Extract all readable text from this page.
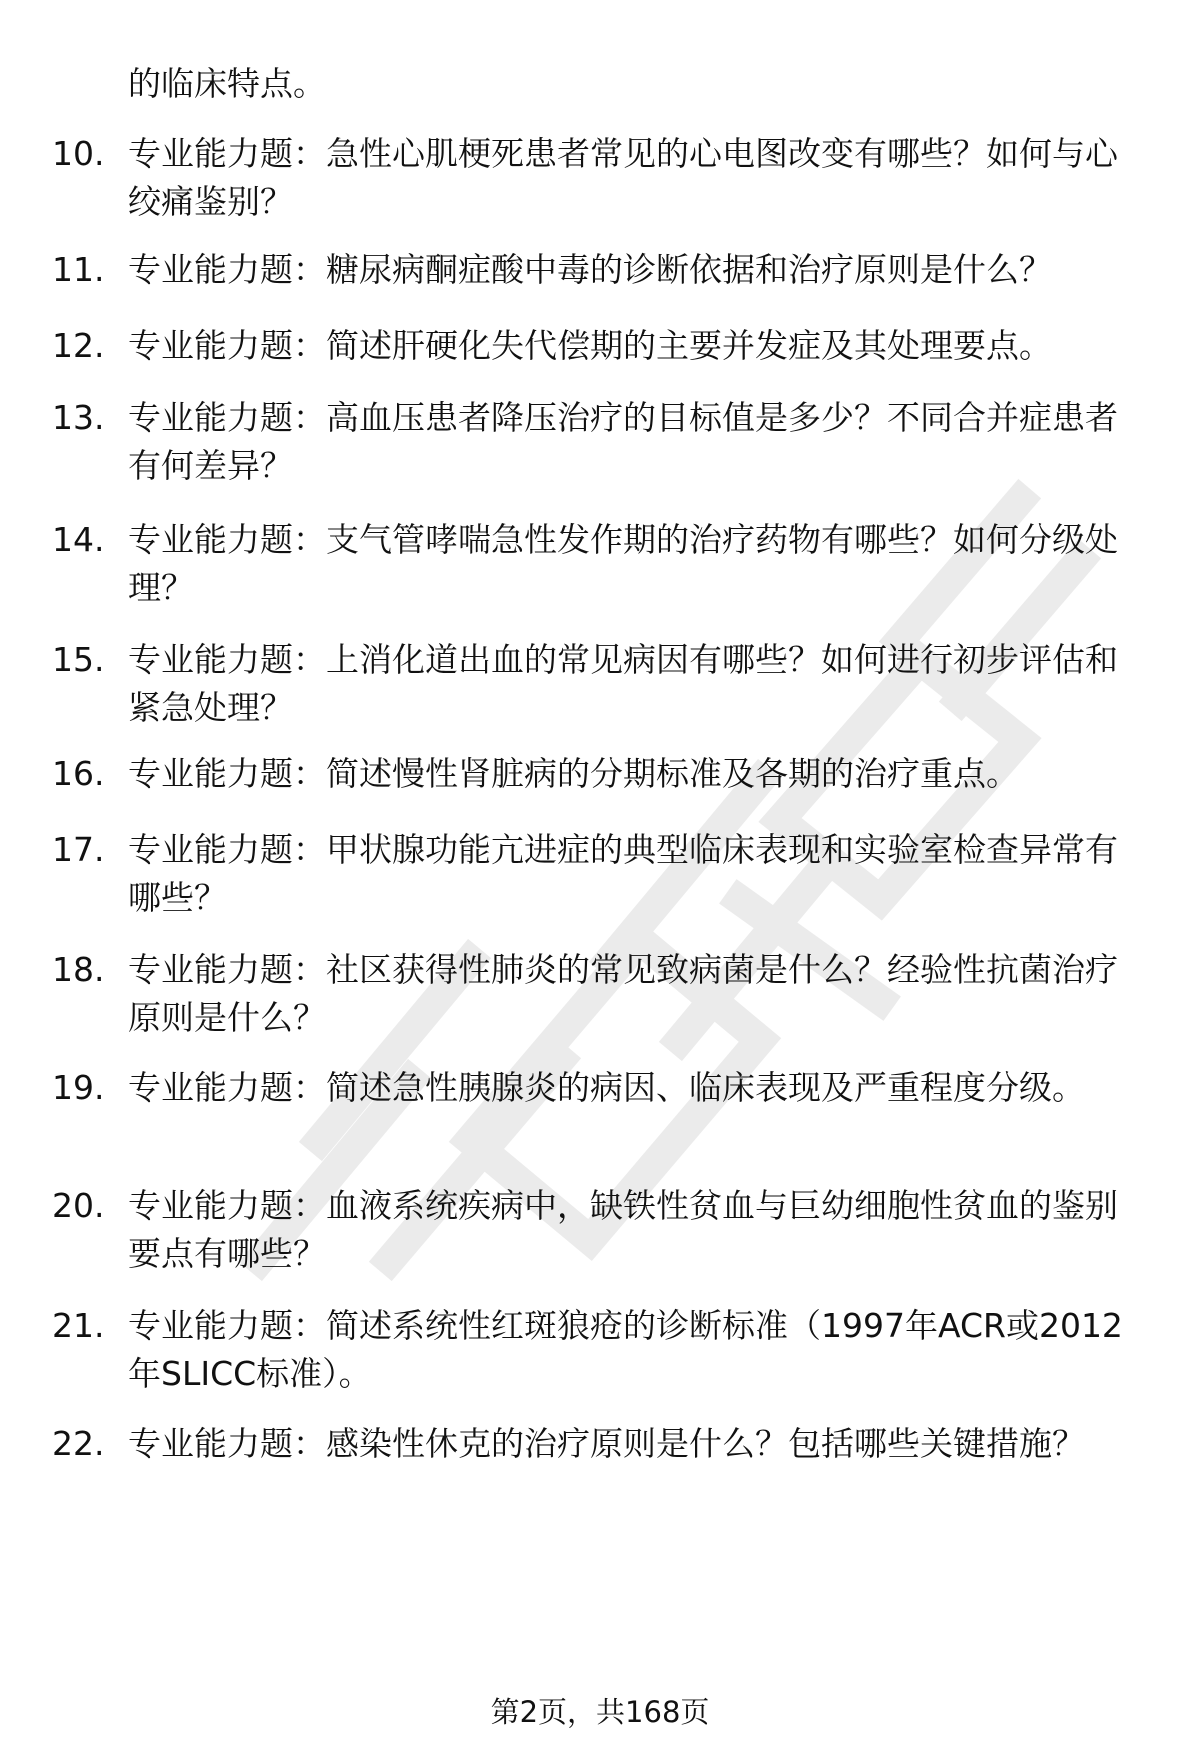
的临床特点。
10. 专业能力题：急性心肌梗死患者常见的心电图改变有哪些？如何与心绞痛鉴别？
11. 专业能力题：糖尿病酮症酸中毒的诊断依据和治疗原则是什么？
12. 专业能力题：简述肝硬化失代偿期的主要并发症及其处理要点。
13. 专业能力题：高血压患者降压治疗的目标值是多少？不同合并症患者有何差异？
14. 专业能力题：支气管哮喘急性发作期的治疗药物有哪些？如何分级处理？
15. 专业能力题：上消化道出血的常见病因有哪些？如何进行初步评估和紧急处理？
16. 专业能力题：简述慢性肾脏病的分期标准及各期的治疗重点。
17. 专业能力题：甲状腺功能亢进症的典型临床表现和实验室检查异常有哪些？
18. 专业能力题：社区获得性肺炎的常见致病菌是什么？经验性抗菌治疗原则是什么？
19. 专业能力题：简述急性胰腺炎的病因、临床表现及严重程度分级。
20. 专业能力题：血液系统疾病中，缺铁性贫血与巨幼细胞性贫血的鉴别要点有哪些？
21. 专业能力题：简述系统性红斑狼疮的诊断标准（1997年ACR或2012年SLICC标准）。
22. 专业能力题：感染性休克的治疗原则是什么？包括哪些关键措施？
第2页，共168页
